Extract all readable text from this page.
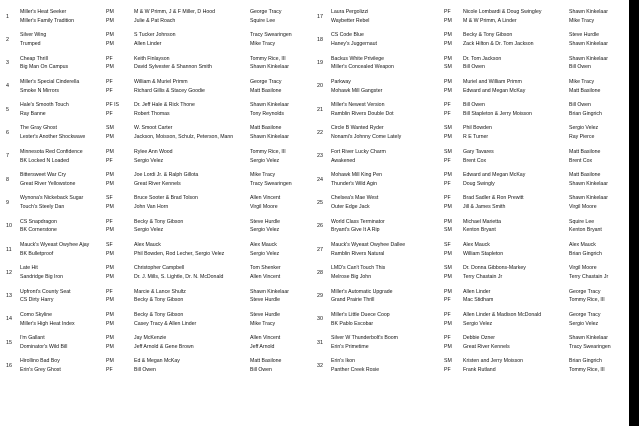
1
Miller's Heat Seeker	PM	M & W Primm, J & F Miller, D Hood	George Tracy
Miller's Family Tradition	PM	Julie & Pat Roach	Squire Lee
2
Silver Wing	PM	S Tucker Johnson	Tracy Swearingen
Trumped	PM	Allen Linder	Mike Tracy
3
Cheap Thrill	PF	Keith Finlayson	Tommy Rice, III
Big Man On Campus	PM	David Sylvester & Shannon Smith	Shawn Kinkelaar
4
Miller's Special Cinderella	PF	William & Muriel Primm	George Tracy
Smoke N Mirrors	PF	Richard Gillis & Stacey Goodie	Matt Basilone
5
Hale's Smooth Touch	PF IS	Dr. Jeff Hale & Rick Thone	Shawn Kinkelaar
Ray Banne	PF	Robert Thomas	Tony Reynolds
6
The Gray Ghost	SM	W. Smoot Carter	Matt Basilone
Lester's Another Shockwave	PM	Jackson, Moisson, Schulz, Peterson, Mann	Shawn Kinkelaar
7
Minnesota Red Confidence	PM	Rylee Ann Wood	Tommy Rice, III
BK Locked N Loaded	PF	Sergio Velez	Sergio Velez
8
Bittersweet War Cry	PM	Joe Lordi Jr. & Ralph Gillota	Mike Tracy
Great River Yellowstone	PM	Great River Kennels	Tracy Swearingen
9
Wynona's Nickeback Sugar	SF	Bruce Sooter & Brad Tolson	Allen Vincent
Touch's Steely Dan	PM	John Van Horn	Virgil Moore
10
CS Snapdragon	PF	Becky & Tony Gibson	Steve Hurdle
BK Cornerstone	PM	Sergio Velez	Sergio Velez
11
Mauck's Wyeast Owyhee Ajay	SF	Alex Mauck	Alex Mauck
BK Bulletproof	PM	Phil Bowden, Rod Lecher, Sergio Velez	Sergio Velez
12
Late Hit	PM	Christopher Campbell	Tom Shenker
Sandridge Big Iron	PM	Dr. J. Mills, S. Lightle, Dr. N. McDonald	Allen Vincent
13
Upfront's County Seat	PF	Marcie & Lance Shultz	Shawn Kinkelaar
CS Dirty Harry	PM	Becky & Tony Gibson	Steve Hurdle
14
Como Skyline	PM	Becky & Tony Gibson	Steve Hurdle
Miller's High Heat Index	PM	Casey Tracy & Allen Linder	Mike Tracy
15
I'm Gallant	PM	Jay McKenzie	Allen Vincent
Dominator's Wild Bill	PM	Jeff Arnold & Gene Brown	Jeff Arnold
16
Hirollino Bad Boy	PM	Ed & Megan McKay	Matt Basilone
Erin's Grey Ghost	PF	Bill Owen	Bill Owen
17
Laura Pergolizzi	PF	Nicole Lombardi & Doug Swingley	Shawn Kinkelaar
Waybetter Rebel	PM	M & W Primm, A Linder	Mike Tracy
18
CS Code Blue	PM	Becky & Tony Gibson	Steve Hurdle
Haney's Juggernaut	PM	Zack Hilton & Dr. Tom Jackson	Shawn Kinkelaar
19
Backus White Privilege	PM	Dr. Tom Jackson	Shawn Kinkelaar
Miller's Concealed Weapon	SM	Bill Owen	Bill Owen
20
Parkway	PM	Muriel and William Primm	Mike Tracy
Mohawk Mill Gangster	PM	Edward and Megan McKay	Matt Basilone
21
Miller's Newest Version	PF	Bill Owen	Bill Owen
Ramblin Rivers Double Dot	PF	Bill Stapleton & Jerry Moisson	Brian Gingrich
22
Circle B Wanted Ryder	SM	Phil Bowden	Sergio Velez
Nonami's Johnny Come Lately	PM	R E Turner	Ray Pierce
23
Fort River Lucky Charm	SM	Gary Tavares	Matt Basilone
Awakened	PF	Brent Cox	Brent Cox
24
Mohawk Mill King Pen	PM	Edward and Megan McKay	Matt Basilone
Thunder's Wild Agin	PF	Doug Swingly	Shawn Kinkelaar
25
Chelsea's Mae West	PF	Brad Sadler & Ron Prewitt	Shawn Kinkelaar
Outer Edge Jack	PM	Jill & James Smith	Virgil Moore
26
World Class Terminator	PM	Michael Marietta	Squire Lee
Bryant's Give It A Rip	SM	Kenton Bryant	Kenton Bryant
27
Mauck's Wyeast Owyhee Dallee	SF	Alex Mauck	Alex Mauck
Ramblin Rivers Natural	PM	William Stapleton	Brian Gingrich
28
LMD's Can't Touch This	SM	Dr. Donna Gibbons-Markey	Virgil Moore
Melrose Big John	PM	Terry Chastain Jr	Terry Chastain Jr
29
Miller's Automatic Upgrade	PM	Allen Linder	George Tracy
Grand Prairie Thrill	PF	Mac Stidham	Tommy Rice, III
30
Miller's Little Duece Coop	PF	Allen Linder & Madison McDonald	George Tracy
BK Pablo Escobar	PM	Sergio Velez	Sergio Velez
31
Silver W Thunderbolt's Boom	PF	Debbie Ozner	Shawn Kinkelaar
Erin's Primetime	PM	Great River Kennels	Tracy Swearingen
32
Erin's Ikon	SM	Kristen and Jerry Moisson	Brian Gingrich
Panther Creek Rosie	PF	Frank Rutland	Tommy Rice, III
